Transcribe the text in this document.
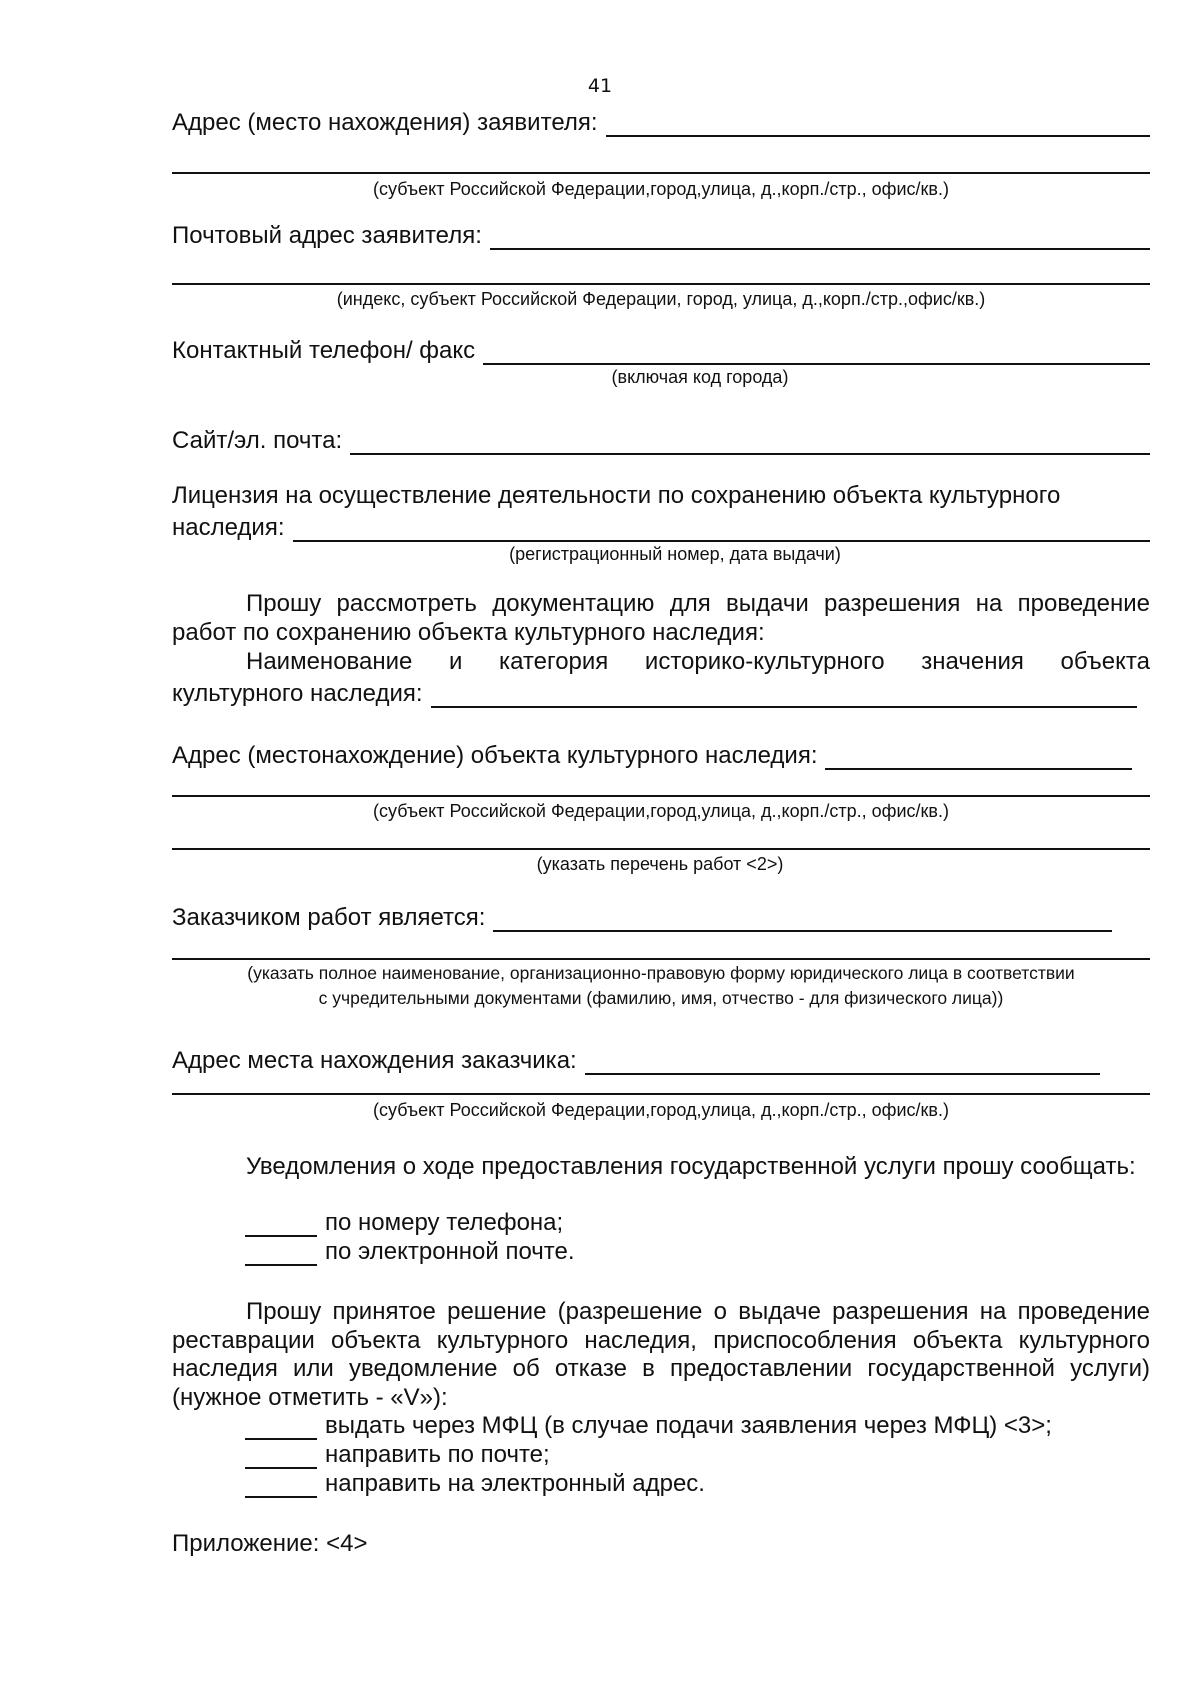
41
Адрес (место нахождения) заявителя:
(субъект Российской Федерации,город,улица, д.,корп./стр., офис/кв.)
Почтовый адрес заявителя:
(индекс, субъект Российской Федерации, город, улица, д.,корп./стр.,офис/кв.)
Контактный телефон/ факс
(включая код города)
Сайт/эл. почта:
Лицензия на осуществление деятельности по сохранению объекта культурного
наследия:
(регистрационный номер, дата выдачи)
Прошу рассмотреть документацию для выдачи разрешения на проведение работ по сохранению объекта культурного наследия:
Наименование и категория историко-культурного значения объекта
культурного наследия:
Адрес (местонахождение) объекта культурного наследия:
(субъект Российской Федерации,город,улица, д.,корп./стр., офис/кв.)
(указать перечень работ <2>)
Заказчиком работ является:
(указать полное наименование, организационно-правовую форму юридического лица в соответствии
с учредительными документами (фамилию, имя, отчество - для физического лица))
Адрес места нахождения заказчика:
(субъект Российской Федерации,город,улица, д.,корп./стр., офис/кв.)
Уведомления о ходе предоставления государственной услуги прошу сообщать:
по номеру телефона;
по электронной почте.
Прошу принятое решение (разрешение о выдаче разрешения на проведение реставрации объекта культурного наследия, приспособления объекта культурного наследия или уведомление об отказе в предоставлении государственной услуги) (нужное отметить - «V»):
выдать через МФЦ (в случае подачи заявления через МФЦ) <3>;
направить по почте;
направить на электронный адрес.
Приложение: <4>
